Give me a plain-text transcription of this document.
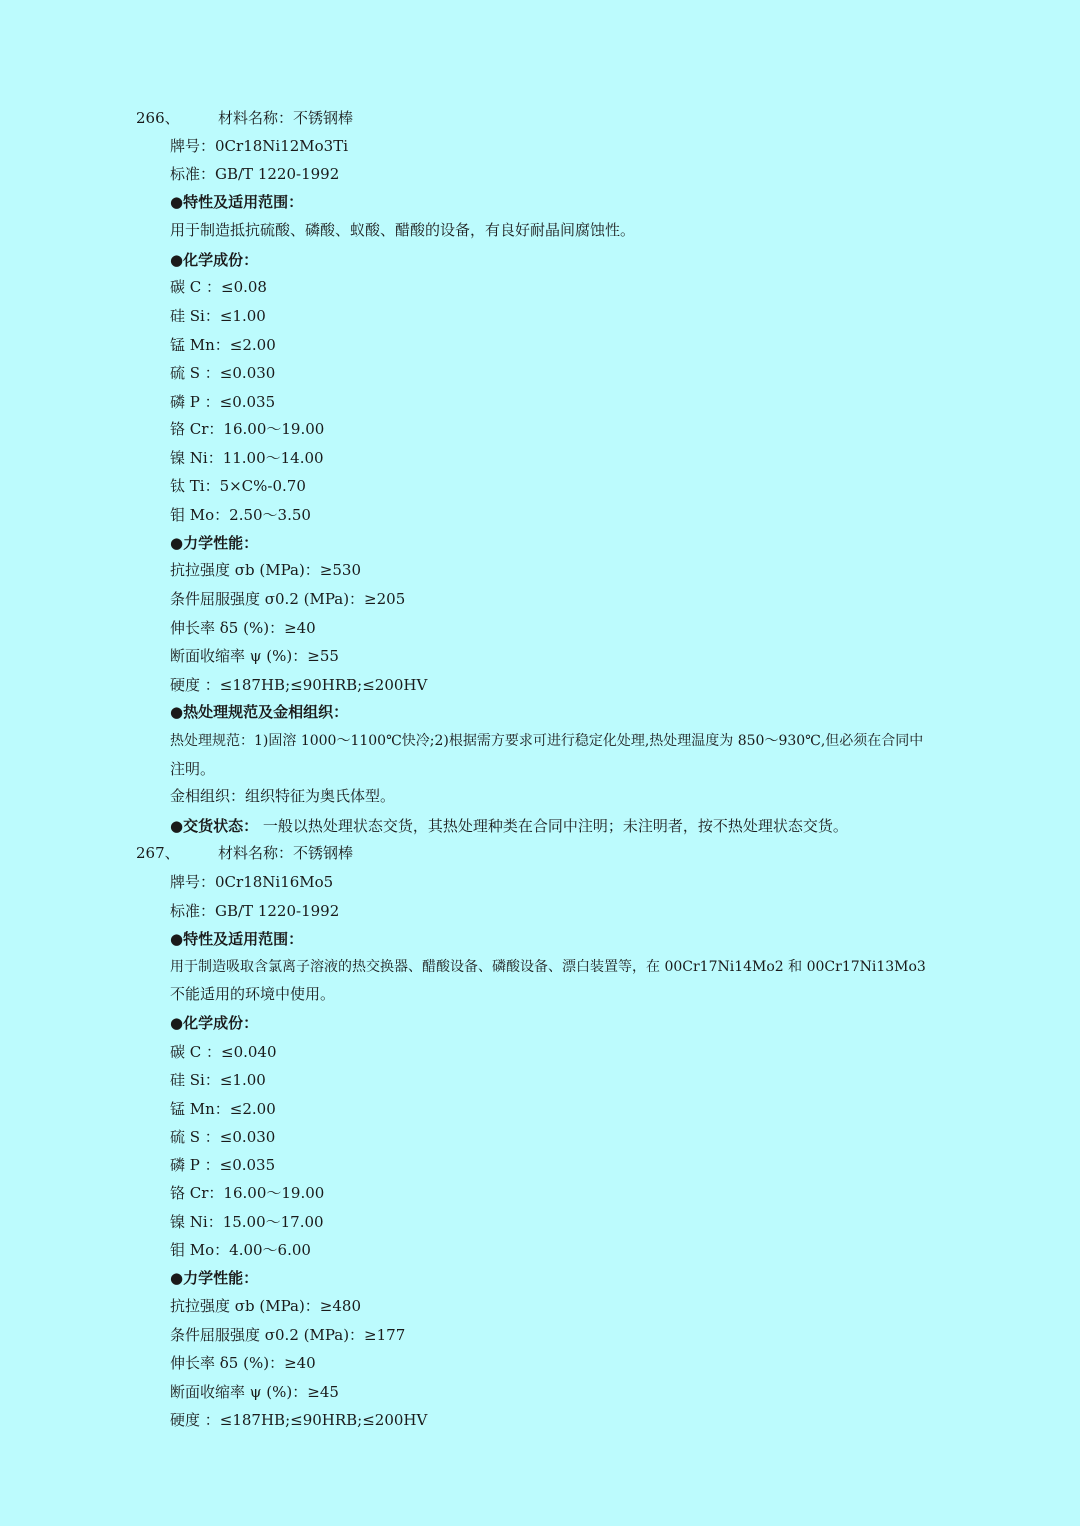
266、	材料名称：不锈钢棒
牌号：0Cr18Ni12Mo3Ti
标准：GB/T 1220-1992
●特性及适用范围：
用于制造抵抗硫酸、磷酸、蚁酸、醋酸的设备，有良好耐晶间腐蚀性。
●化学成份：
碳 C ：≤0.08
硅 Si：≤1.00
锰 Mn：≤2.00
硫 S ：≤0.030
磷 P ：≤0.035
铬 Cr：16.00～19.00
镍 Ni：11.00～14.00
钛 Ti：5×C%-0.70
钼 Mo：2.50～3.50
●力学性能：
抗拉强度 σb (MPa)：≥530
条件屈服强度 σ0.2 (MPa)：≥205
伸长率 δ5 (%)：≥40
断面收缩率 ψ (%)：≥55
硬度 ：≤187HB;≤90HRB;≤200HV
●热处理规范及金相组织：
热处理规范：1)固溶 1000～1100℃快冷;2)根据需方要求可进行稳定化处理,热处理温度为 850～930℃,但必须在合同中
注明。
金相组织：组织特征为奥氏体型。
●交货状态： 一般以热处理状态交货，其热处理种类在合同中注明；未注明者，按不热处理状态交货。
267、	材料名称：不锈钢棒
牌号：0Cr18Ni16Mo5
标准：GB/T 1220-1992
●特性及适用范围：
用于制造吸取含氯离子溶液的热交换器、醋酸设备、磷酸设备、漂白装置等，在 00Cr17Ni14Mo2 和 00Cr17Ni13Mo3
不能适用的环境中使用。
●化学成份：
碳 C ：≤0.040
硅 Si：≤1.00
锰 Mn：≤2.00
硫 S ：≤0.030
磷 P ：≤0.035
铬 Cr：16.00～19.00
镍 Ni：15.00～17.00
钼 Mo：4.00～6.00
●力学性能：
抗拉强度 σb (MPa)：≥480
条件屈服强度 σ0.2 (MPa)：≥177
伸长率 δ5 (%)：≥40
断面收缩率 ψ (%)：≥45
硬度 ：≤187HB;≤90HRB;≤200HV
